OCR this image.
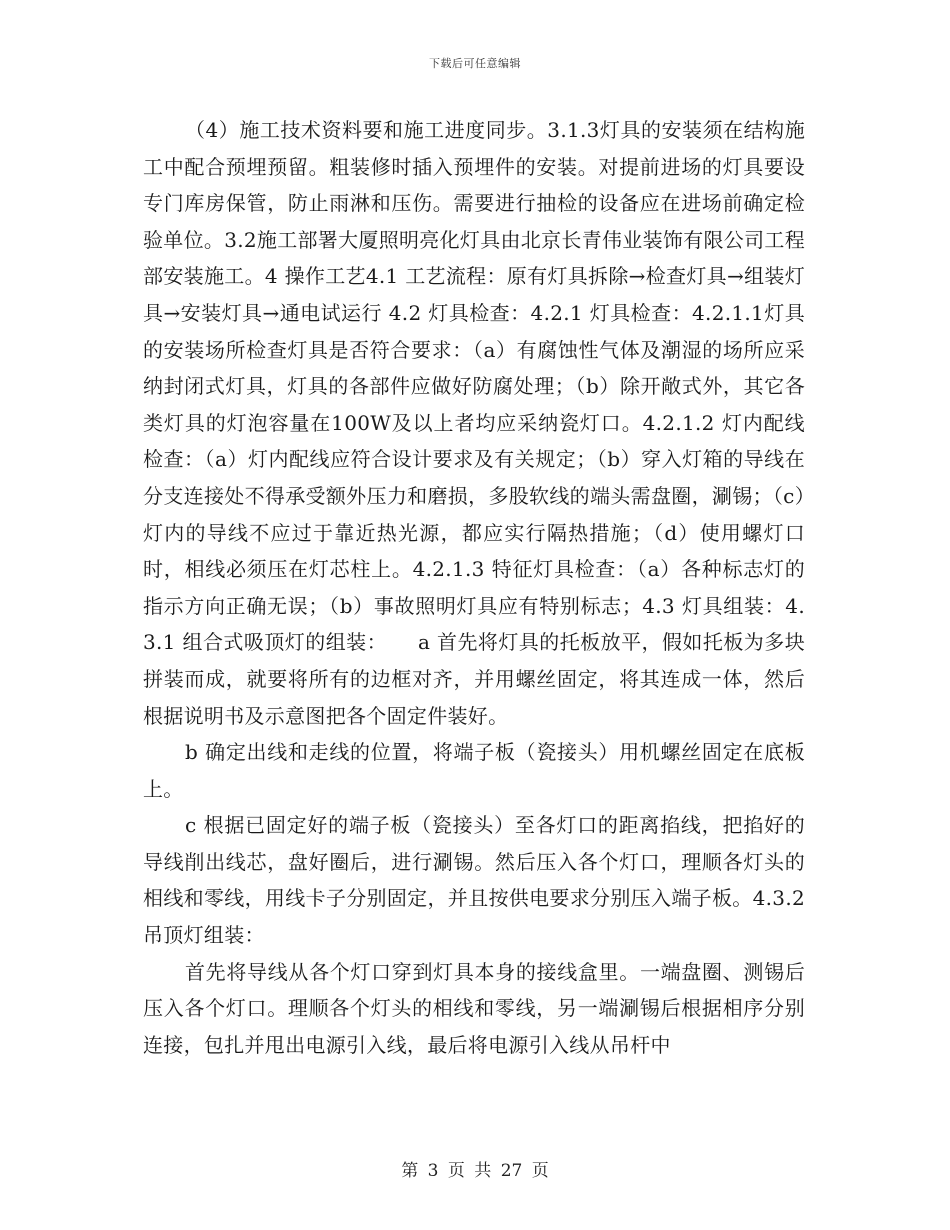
下载后可任意编辑

（4）施工技术资料要和施工进度同步。3.1.3灯具的安装须在结构施工中配合预埋预留。粗装修时插入预埋件的安装。对提前进场的灯具要设专门库房保管，防止雨淋和压伤。需要进行抽检的设备应在进场前确定检验单位。3.2施工部署大厦照明亮化灯具由北京长青伟业装饰有限公司工程部安装施工。4 操作工艺4.1 工艺流程：原有灯具拆除→检查灯具→组装灯具→安装灯具→通电试运行 4.2 灯具检查：4.2.1 灯具检查：4.2.1.1灯具的安装场所检查灯具是否符合要求：（a）有腐蚀性气体及潮湿的场所应采纳封闭式灯具，灯具的各部件应做好防腐处理；（b）除开敞式外，其它各类灯具的灯泡容量在100W及以上者均应采纳瓷灯口。4.2.1.2 灯内配线检查：（a）灯内配线应符合设计要求及有关规定；（b）穿入灯箱的导线在分支连接处不得承受额外压力和磨损，多股软线的端头需盘圈，涮锡；（c）灯内的导线不应过于靠近热光源，都应实行隔热措施；（d）使用螺灯口时，相线必须压在灯芯柱上。4.2.1.3 特征灯具检查：（a）各种标志灯的指示方向正确无误；（b）事故照明灯具应有特别标志；4.3 灯具组装：4.3.1 组合式吸顶灯的组装：　　a 首先将灯具的托板放平，假如托板为多块拼装而成，就要将所有的边框对齐，并用螺丝固定，将其连成一体，然后根据说明书及示意图把各个固定件装好。

b 确定出线和走线的位置，将端子板（瓷接头）用机螺丝固定在底板上。

c 根据已固定好的端子板（瓷接头）至各灯口的距离掐线，把掐好的导线削出线芯，盘好圈后，进行涮锡。然后压入各个灯口，理顺各灯头的相线和零线，用线卡子分别固定，并且按供电要求分别压入端子板。4.3.2 吊顶灯组装：

首先将导线从各个灯口穿到灯具本身的接线盒里。一端盘圈、测锡后压入各个灯口。理顺各个灯头的相线和零线，另一端涮锡后根据相序分别连接，包扎并甩出电源引入线，最后将电源引入线从吊杆中

第 3 页 共 27 页
